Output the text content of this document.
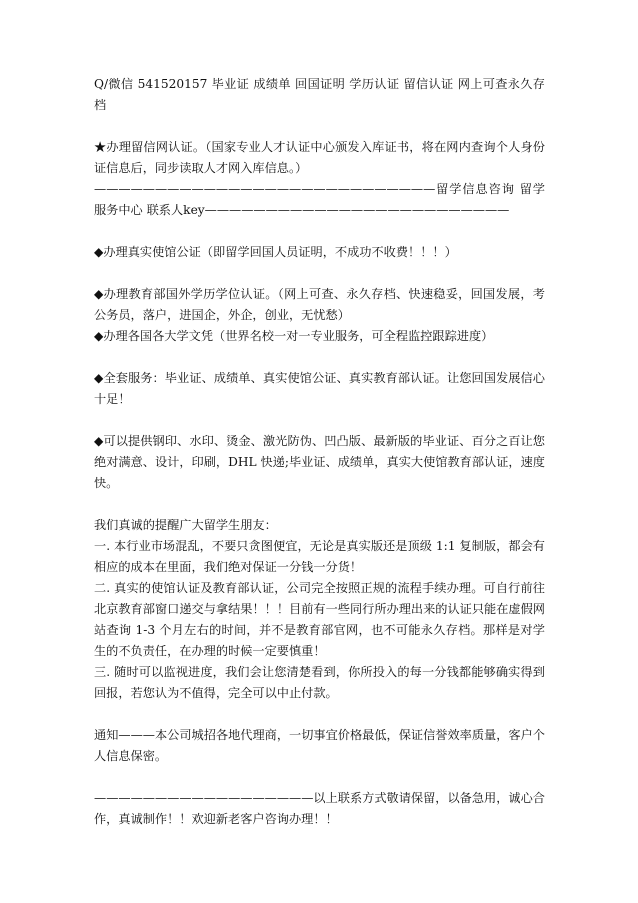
Q/微信 541520157 毕业证 成绩单 回国证明 学历认证 留信认证 网上可查永久存档

★办理留信网认证。（国家专业人才认证中心颁发入库证书，将在网内查询个人身份证信息后，同步读取人才网入库信息。）

————————————————————————————留学信息咨询 留学服务中心 联系人key—————————————————————————

◆办理真实使馆公证（即留学回国人员证明，不成功不收费！！！）

◆办理教育部国外学历学位认证。（网上可查、永久存档、快速稳妥，回国发展，考公务员，落户，进国企，外企，创业，无忧愁）

◆办理各国各大学文凭（世界名校一对一专业服务，可全程监控跟踪进度）

◆全套服务：毕业证、成绩单、真实使馆公证、真实教育部认证。让您回国发展信心十足！

◆可以提供钢印、水印、烫金、激光防伪、凹凸版、最新版的毕业证、百分之百让您绝对满意、设计，印刷，DHL 快递;毕业证、成绩单，真实大使馆教育部认证，速度快。

我们真诚的提醒广大留学生朋友：

一. 本行业市场混乱，不要只贪图便宜，无论是真实版还是顶级 1:1 复制版，都会有相应的成本在里面，我们绝对保证一分钱一分货！

二. 真实的使馆认证及教育部认证，公司完全按照正规的流程手续办理。可自行前往北京教育部窗口递交与拿结果！！！目前有一些同行所办理出来的认证只能在虚假网站查询 1-3 个月左右的时间，并不是教育部官网，也不可能永久存档。那样是对学生的不负责任，在办理的时候一定要慎重！

三. 随时可以监视进度，我们会让您清楚看到，你所投入的每一分钱都能够确实得到回报，若您认为不值得，完全可以中止付款。

通知———本公司城招各地代理商，一切事宜价格最低，保证信誉效率质量，客户个人信息保密。

——————————————————以上联系方式敬请保留，以备急用，诚心合作，真诚制作！！欢迎新老客户咨询办理！！
